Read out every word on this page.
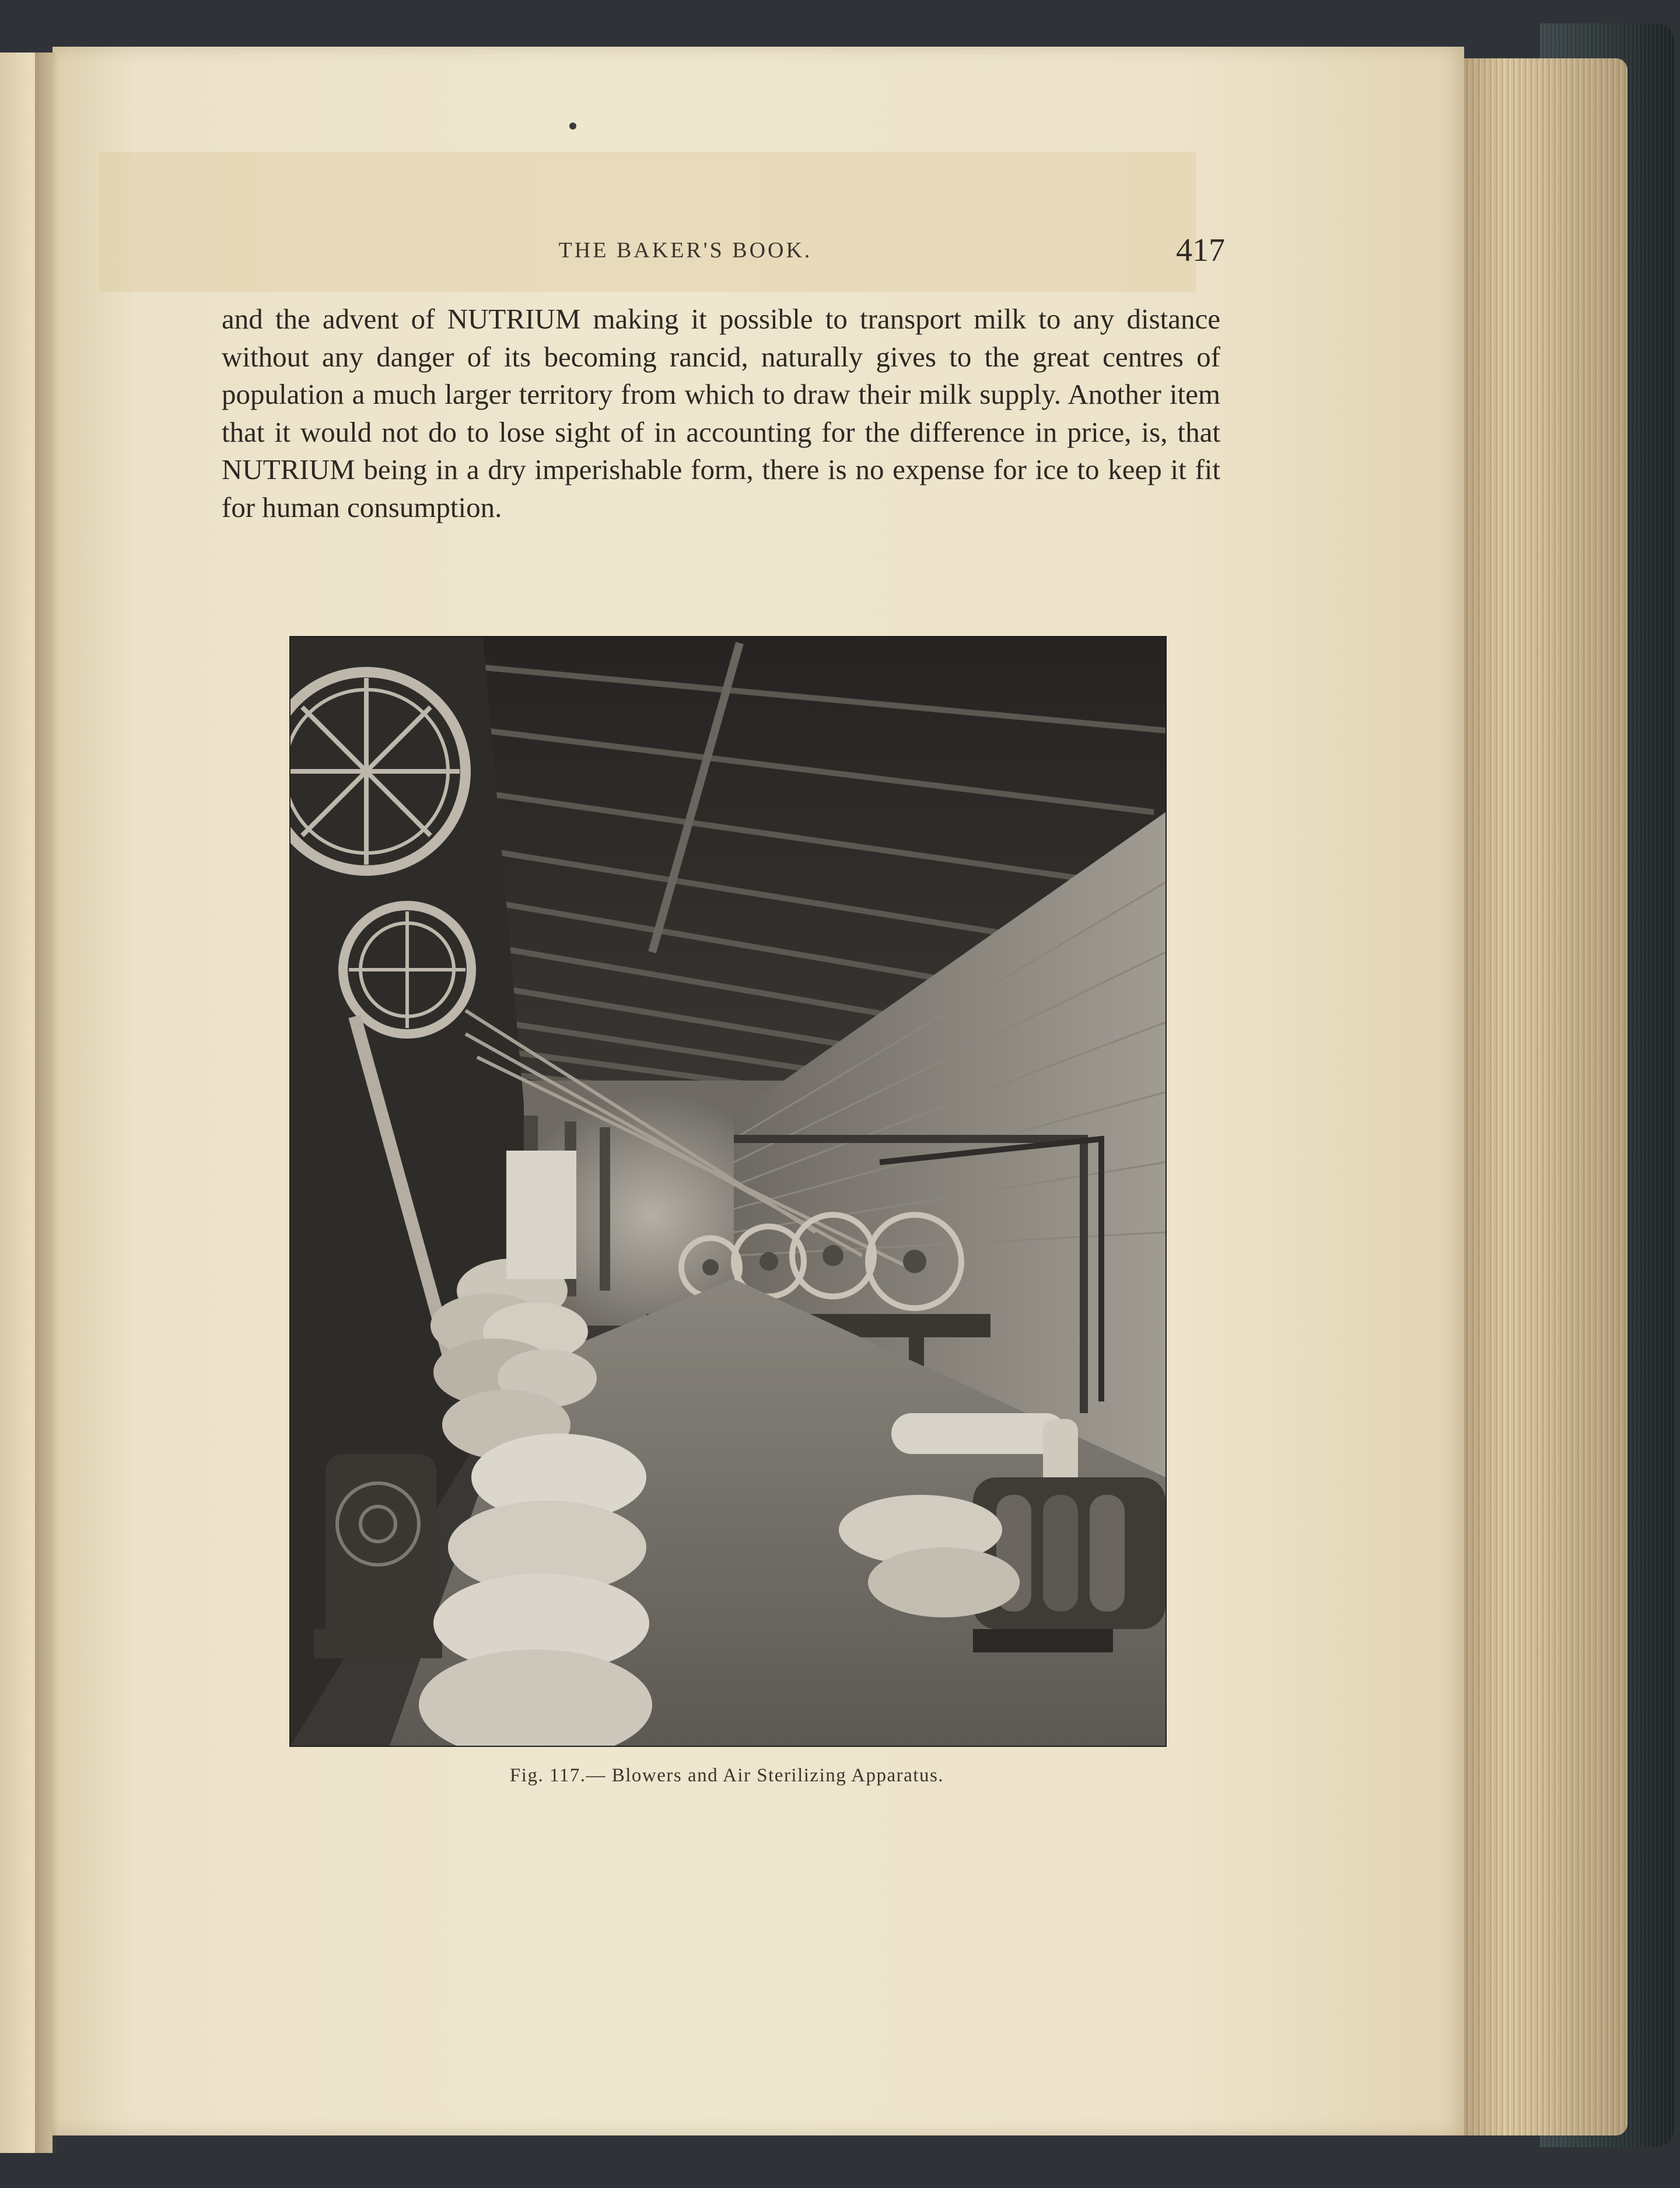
THE BAKER'S BOOK.	417

and the advent of NUTRIUM making it possible to transport milk to any distance without any danger of its becoming rancid, naturally gives to the great centres of population a much larger territory from which to draw their milk supply. Another item that it would not do to lose sight of in accounting for the difference in price, is, that NUTRIUM being in a dry imperishable form, there is no expense for ice to keep it fit for human consumption.

Fig. 117.— Blowers and Air Sterilizing Apparatus.
